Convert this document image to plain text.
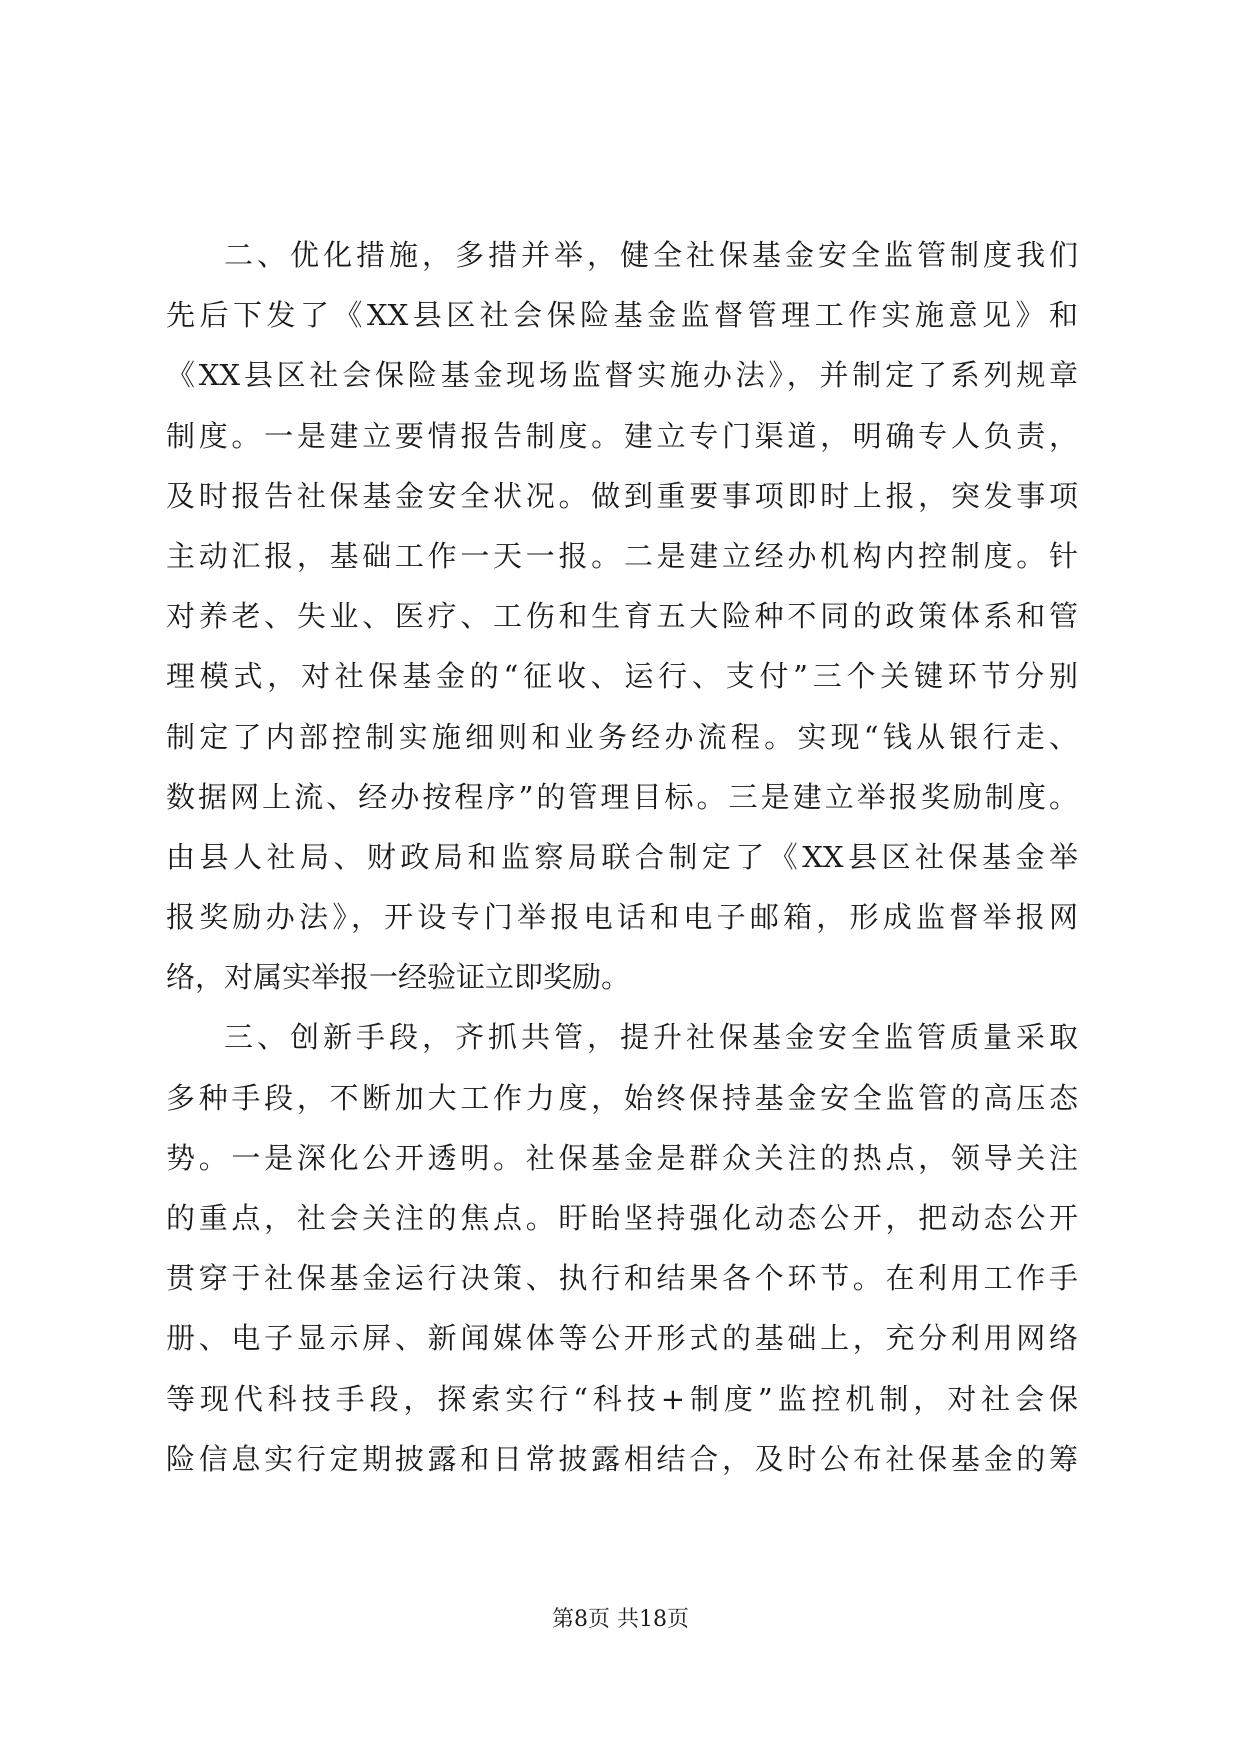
二、优化措施，多措并举，健全社保基金安全监管制度我们
先后下发了《XX县区社会保险基金监督管理工作实施意见》和
《XX县区社会保险基金现场监督实施办法》，并制定了系列规章
制度。一是建立要情报告制度。建立专门渠道，明确专人负责，
及时报告社保基金安全状况。做到重要事项即时上报，突发事项
主动汇报，基础工作一天一报。二是建立经办机构内控制度。针
对养老、失业、医疗、工伤和生育五大险种不同的政策体系和管
理模式，对社保基金的“征收、运行、支付”三个关键环节分别
制定了内部控制实施细则和业务经办流程。实现“钱从银行走、
数据网上流、经办按程序”的管理目标。三是建立举报奖励制度。
由县人社局、财政局和监察局联合制定了《XX县区社保基金举
报奖励办法》，开设专门举报电话和电子邮箱，形成监督举报网
络，对属实举报一经验证立即奖励。
三、创新手段，齐抓共管，提升社保基金安全监管质量采取
多种手段，不断加大工作力度，始终保持基金安全监管的高压态
势。一是深化公开透明。社保基金是群众关注的热点，领导关注
的重点，社会关注的焦点。盱眙坚持强化动态公开，把动态公开
贯穿于社保基金运行决策、执行和结果各个环节。在利用工作手
册、电子显示屏、新闻媒体等公开形式的基础上，充分利用网络
等现代科技手段，探索实行“科技+制度”监控机制，对社会保
险信息实行定期披露和日常披露相结合，及时公布社保基金的筹
第8页 共18页
